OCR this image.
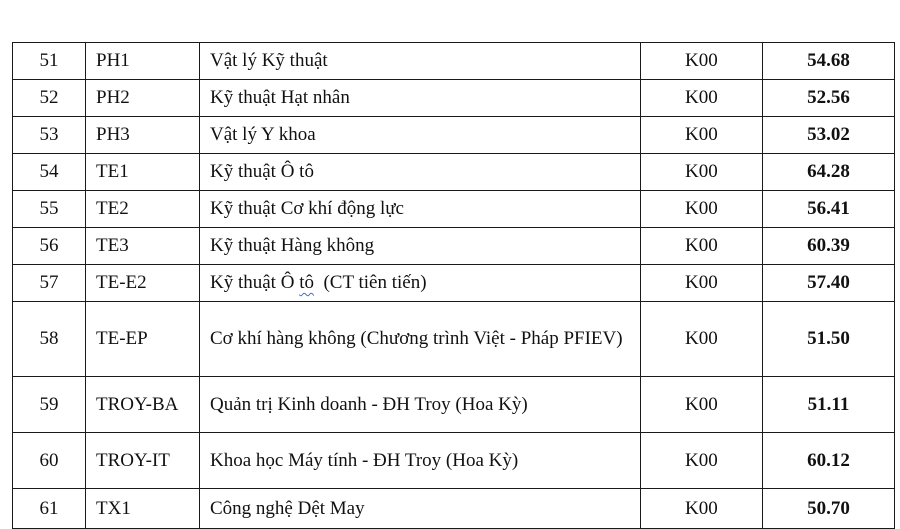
51	PH1	Vật lý Kỹ thuật	K00	54.68
52	PH2	Kỹ thuật Hạt nhân	K00	52.56
53	PH3	Vật lý Y khoa	K00	53.02
54	TE1	Kỹ thuật Ô tô	K00	64.28
55	TE2	Kỹ thuật Cơ khí động lực	K00	56.41
56	TE3	Kỹ thuật Hàng không	K00	60.39
57	TE-E2	Kỹ thuật Ô tô  (CT tiên tiến)	K00	57.40
58	TE-EP	Cơ khí hàng không (Chương trình Việt - Pháp PFIEV)	K00	51.50
59	TROY-BA	Quản trị Kinh doanh - ĐH Troy (Hoa Kỳ)	K00	51.11
60	TROY-IT	Khoa học Máy tính - ĐH Troy (Hoa Kỳ)	K00	60.12
61	TX1	Công nghệ Dệt May	K00	50.70
